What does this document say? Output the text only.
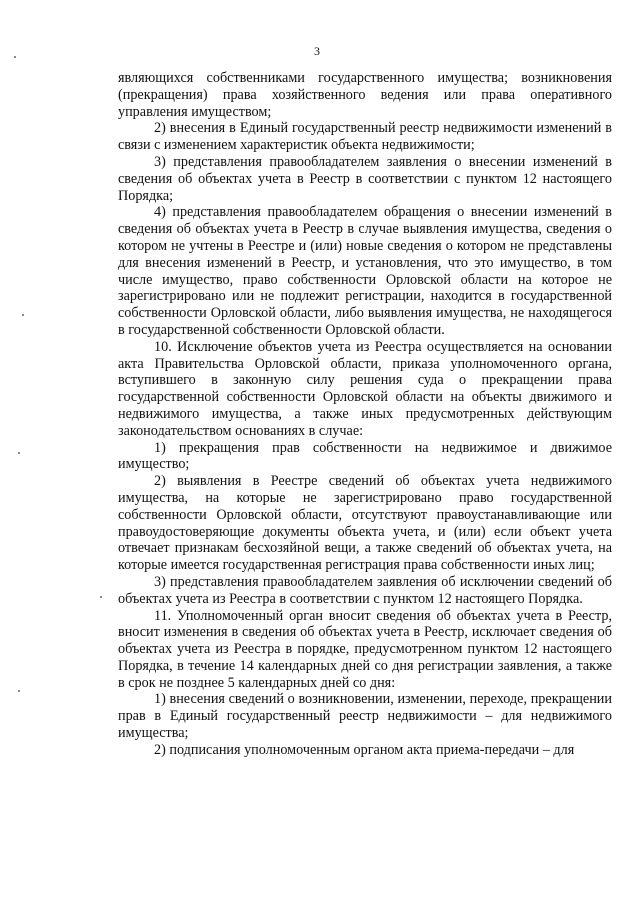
3

являющихся собственниками государственного имущества; возникновения (прекращения) права хозяйственного ведения или права оперативного управления имуществом;

2) внесения в Единый государственный реестр недвижимости изменений в связи с изменением характеристик объекта недвижимости;

3) представления правообладателем заявления о внесении изменений в сведения об объектах учета в Реестр в соответствии с пунктом 12 настоящего Порядка;

4) представления правообладателем обращения о внесении изменений в сведения об объектах учета в Реестр в случае выявления имущества, сведения о котором не учтены в Реестре и (или) новые сведения о котором не представлены для внесения изменений в Реестр, и установления, что это имущество, в том числе имущество, право собственности Орловской области на которое не зарегистрировано или не подлежит регистрации, находится в государственной собственности Орловской области, либо выявления имущества, не находящегося в государственной собственности Орловской области.

10. Исключение объектов учета из Реестра осуществляется на основании акта Правительства Орловской области, приказа уполномоченного органа, вступившего в законную силу решения суда о прекращении права государственной собственности Орловской области на объекты движимого и недвижимого имущества, а также иных предусмотренных действующим законодательством основаниях в случае:

1) прекращения прав собственности на недвижимое и движимое имущество;

2) выявления в Реестре сведений об объектах учета недвижимого имущества, на которые не зарегистрировано право государственной собственности Орловской области, отсутствуют правоустанавливающие или правоудостоверяющие документы объекта учета, и (или) если объект учета отвечает признакам бесхозяйной вещи, а также сведений об объектах учета, на которые имеется государственная регистрация права собственности иных лиц;

3) представления правообладателем заявления об исключении сведений об объектах учета из Реестра в соответствии с пунктом 12 настоящего Порядка.

11. Уполномоченный орган вносит сведения об объектах учета в Реестр, вносит изменения в сведения об объектах учета в Реестр, исключает сведения об объектах учета из Реестра в порядке, предусмотренном пунктом 12 настоящего Порядка, в течение 14 календарных дней со дня регистрации заявления, а также в срок не позднее 5 календарных дней со дня:

1) внесения сведений о возникновении, изменении, переходе, прекращении прав в Единый государственный реестр недвижимости – для недвижимого имущества;

2) подписания уполномоченным органом акта приема-передачи – для
